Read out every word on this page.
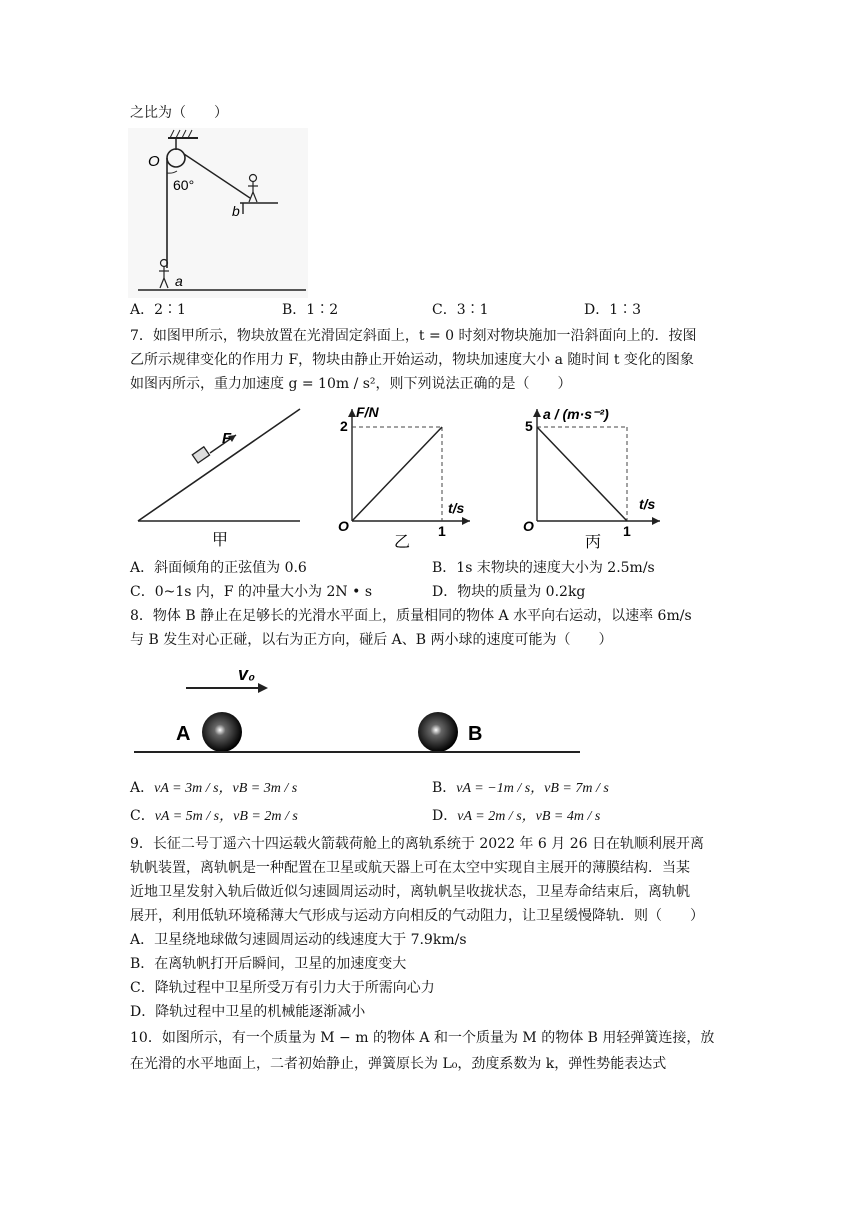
之比为（　　）
O
60°
b
a
A．2∶1	B．1∶2	C．3∶1	D．1∶3
7．如图甲所示，物块放置在光滑固定斜面上，t = 0 时刻对物块施加一沿斜面向上的．按图
乙所示规律变化的作用力 F，物块由静止开始运动，物块加速度大小 a 随时间 t 变化的图象
如图丙所示，重力加速度 g = 10m / s²，则下列说法正确的是（　　）
F
甲
2
O	1
F/N
t/s
乙
5
O	1
a / (m·s⁻²)
t/s
丙
A．斜面倾角的正弦值为 0.6	B．1s 末物块的速度大小为 2.5m/s
C．0~1s 内，F 的冲量大小为 2N • s	D．物块的质量为 0.2kg
8．物体 B 静止在足够长的光滑水平面上，质量相同的物体 A 水平向右运动，以速率 6m/s
与 B 发生对心正碰，以右为正方向，碰后 A、B 两小球的速度可能为（　　）
v₀
A	B
A．vA = 3m / s，vB = 3m / s	B．vA = −1m / s，vB = 7m / s
C．vA = 5m / s，vB = 2m / s	D．vA = 2m / s，vB = 4m / s
9．长征二号丁遥六十四运载火箭载荷舱上的离轨系统于 2022 年 6 月 26 日在轨顺利展开离
轨帆装置，离轨帆是一种配置在卫星或航天器上可在太空中实现自主展开的薄膜结构．当某
近地卫星发射入轨后做近似匀速圆周运动时，离轨帆呈收拢状态，卫星寿命结束后，离轨帆
展开，利用低轨环境稀薄大气形成与运动方向相反的气动阻力，让卫星缓慢降轨．则（　　）
A．卫星绕地球做匀速圆周运动的线速度大于 7.9km/s
B．在离轨帆打开后瞬间，卫星的加速度变大
C．降轨过程中卫星所受万有引力大于所需向心力
D．降轨过程中卫星的机械能逐渐减小
10．如图所示，有一个质量为 M − m 的物体 A 和一个质量为 M 的物体 B 用轻弹簧连接，放
在光滑的水平地面上，二者初始静止，弹簧原长为 L₀，劲度系数为 k，弹性势能表达式
